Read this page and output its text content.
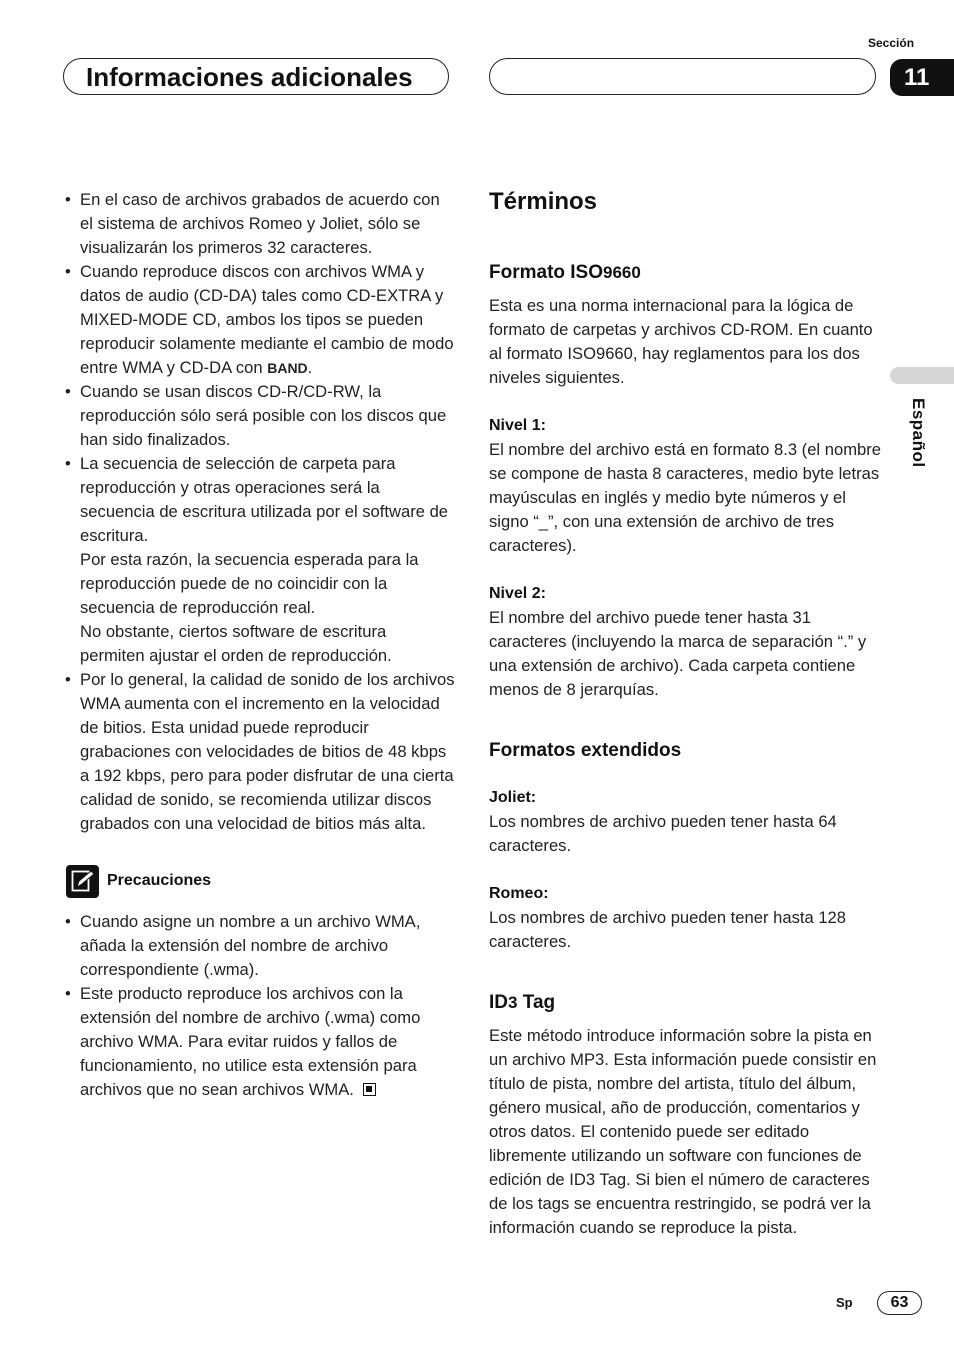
Sección
Informaciones adicionales	11
Español
• En el caso de archivos grabados de acuerdo con el sistema de archivos Romeo y Joliet, sólo se visualizarán los primeros 32 caracteres.
• Cuando reproduce discos con archivos WMA y datos de audio (CD-DA) tales como CD-EXTRA y MIXED-MODE CD, ambos los tipos se pueden reproducir solamente mediante el cambio de modo entre WMA y CD-DA con BAND.
• Cuando se usan discos CD-R/CD-RW, la reproducción sólo será posible con los discos que han sido finalizados.
• La secuencia de selección de carpeta para reproducción y otras operaciones será la secuencia de escritura utilizada por el software de escritura.
Por esta razón, la secuencia esperada para la reproducción puede de no coincidir con la secuencia de reproducción real.
No obstante, ciertos software de escritura permiten ajustar el orden de reproducción.
• Por lo general, la calidad de sonido de los archivos WMA aumenta con el incremento en la velocidad de bitios. Esta unidad puede reproducir grabaciones con velocidades de bitios de 48 kbps a 192 kbps, pero para poder disfrutar de una cierta calidad de sonido, se recomienda utilizar discos grabados con una velocidad de bitios más alta.
Precauciones
• Cuando asigne un nombre a un archivo WMA, añada la extensión del nombre de archivo correspondiente (.wma).
• Este producto reproduce los archivos con la extensión del nombre de archivo (.wma) como archivo WMA. Para evitar ruidos y fallos de funcionamiento, no utilice esta extensión para archivos que no sean archivos WMA.
Términos
Formato ISO9660
Esta es una norma internacional para la lógica de formato de carpetas y archivos CD-ROM. En cuanto al formato ISO9660, hay reglamentos para los dos niveles siguientes.
Nivel 1:
El nombre del archivo está en formato 8.3 (el nombre se compone de hasta 8 caracteres, medio byte letras mayúsculas en inglés y medio byte números y el signo “_”, con una extensión de archivo de tres caracteres).
Nivel 2:
El nombre del archivo puede tener hasta 31 caracteres (incluyendo la marca de separación “.” y una extensión de archivo). Cada carpeta contiene menos de 8 jerarquías.
Formatos extendidos
Joliet:
Los nombres de archivo pueden tener hasta 64 caracteres.
Romeo:
Los nombres de archivo pueden tener hasta 128 caracteres.
ID3 Tag
Este método introduce información sobre la pista en un archivo MP3. Esta información puede consistir en título de pista, nombre del artista, título del álbum, género musical, año de producción, comentarios y otros datos. El contenido puede ser editado libremente utilizando un software con funciones de edición de ID3 Tag. Si bien el número de caracteres de los tags se encuentra restringido, se podrá ver la información cuando se reproduce la pista.
Sp	63
